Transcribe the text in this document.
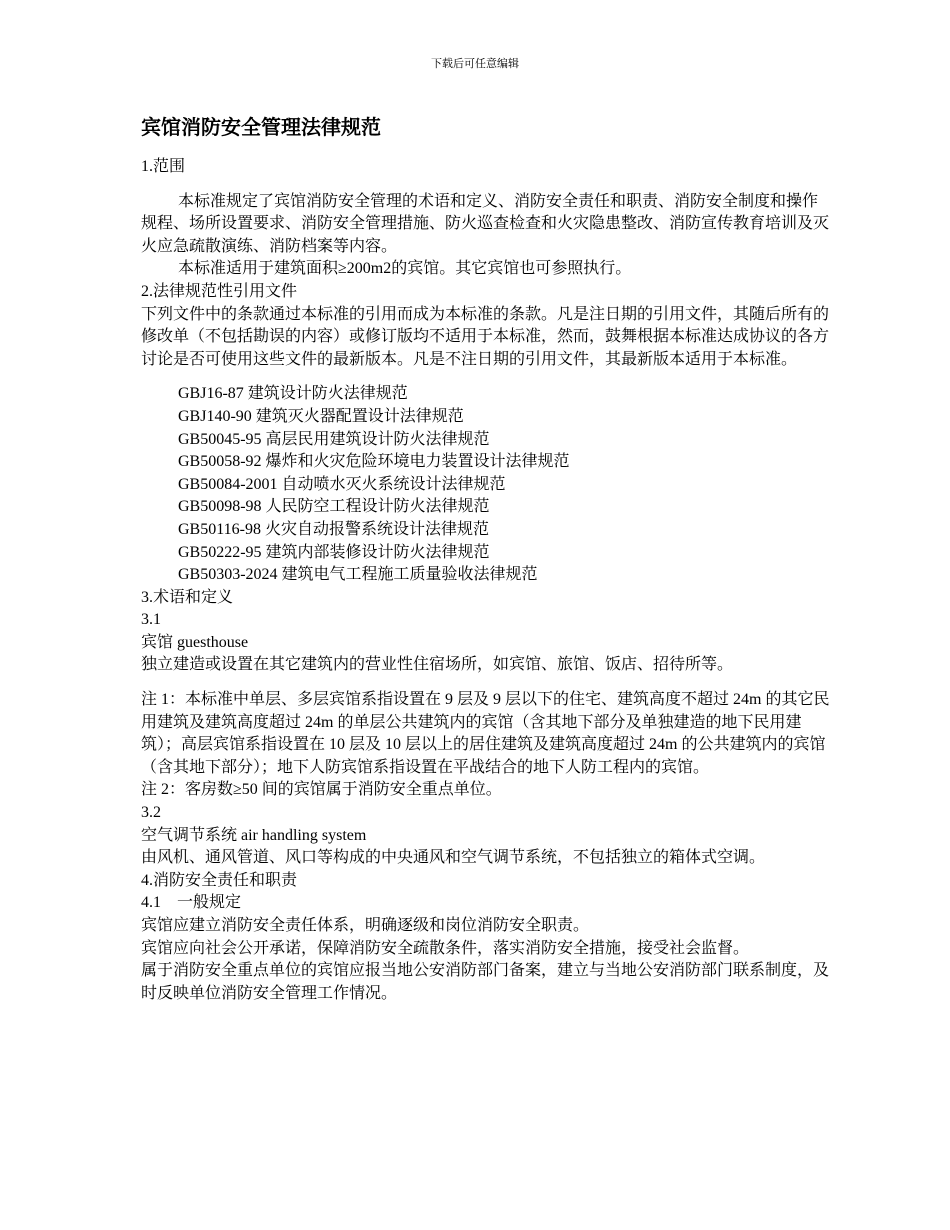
下载后可任意编辑
宾馆消防安全管理法律规范

1.范围

本标准规定了宾馆消防安全管理的术语和定义、消防安全责任和职责、消防安全制度和操作规程、场所设置要求、消防安全管理措施、防火巡查检查和火灾隐患整改、消防宣传教育培训及灭火应急疏散演练、消防档案等内容。

本标准适用于建筑面积≥200m2的宾馆。其它宾馆也可参照执行。

2.法律规范性引用文件

下列文件中的条款通过本标准的引用而成为本标准的条款。凡是注日期的引用文件，其随后所有的修改单（不包括勘误的内容）或修订版均不适用于本标准，然而，鼓舞根据本标准达成协议的各方讨论是否可使用这些文件的最新版本。凡是不注日期的引用文件，其最新版本适用于本标准。

GBJ16-87 建筑设计防火法律规范

GBJ140-90 建筑灭火器配置设计法律规范

GB50045-95 高层民用建筑设计防火法律规范

GB50058-92 爆炸和火灾危险环境电力装置设计法律规范

GB50084-2001 自动喷水灭火系统设计法律规范

GB50098-98 人民防空工程设计防火法律规范

GB50116-98 火灾自动报警系统设计法律规范

GB50222-95 建筑内部装修设计防火法律规范

GB50303-2024 建筑电气工程施工质量验收法律规范

3.术语和定义

3.1

宾馆 guesthouse

独立建造或设置在其它建筑内的营业性住宿场所，如宾馆、旅馆、饭店、招待所等。

注 1：本标准中单层、多层宾馆系指设置在 9 层及 9 层以下的住宅、建筑高度不超过 24m 的其它民用建筑及建筑高度超过 24m 的单层公共建筑内的宾馆（含其地下部分及单独建造的地下民用建筑）；高层宾馆系指设置在 10 层及 10 层以上的居住建筑及建筑高度超过 24m 的公共建筑内的宾馆（含其地下部分）；地下人防宾馆系指设置在平战结合的地下人防工程内的宾馆。

注 2：客房数≥50 间的宾馆属于消防安全重点单位。

3.2

空气调节系统 air handling system

由风机、通风管道、风口等构成的中央通风和空气调节系统，不包括独立的箱体式空调。

4.消防安全责任和职责

4.1　一般规定

宾馆应建立消防安全责任体系，明确逐级和岗位消防安全职责。

宾馆应向社会公开承诺，保障消防安全疏散条件，落实消防安全措施，接受社会监督。

属于消防安全重点单位的宾馆应报当地公安消防部门备案，建立与当地公安消防部门联系制度，及时反映单位消防安全管理工作情况。
